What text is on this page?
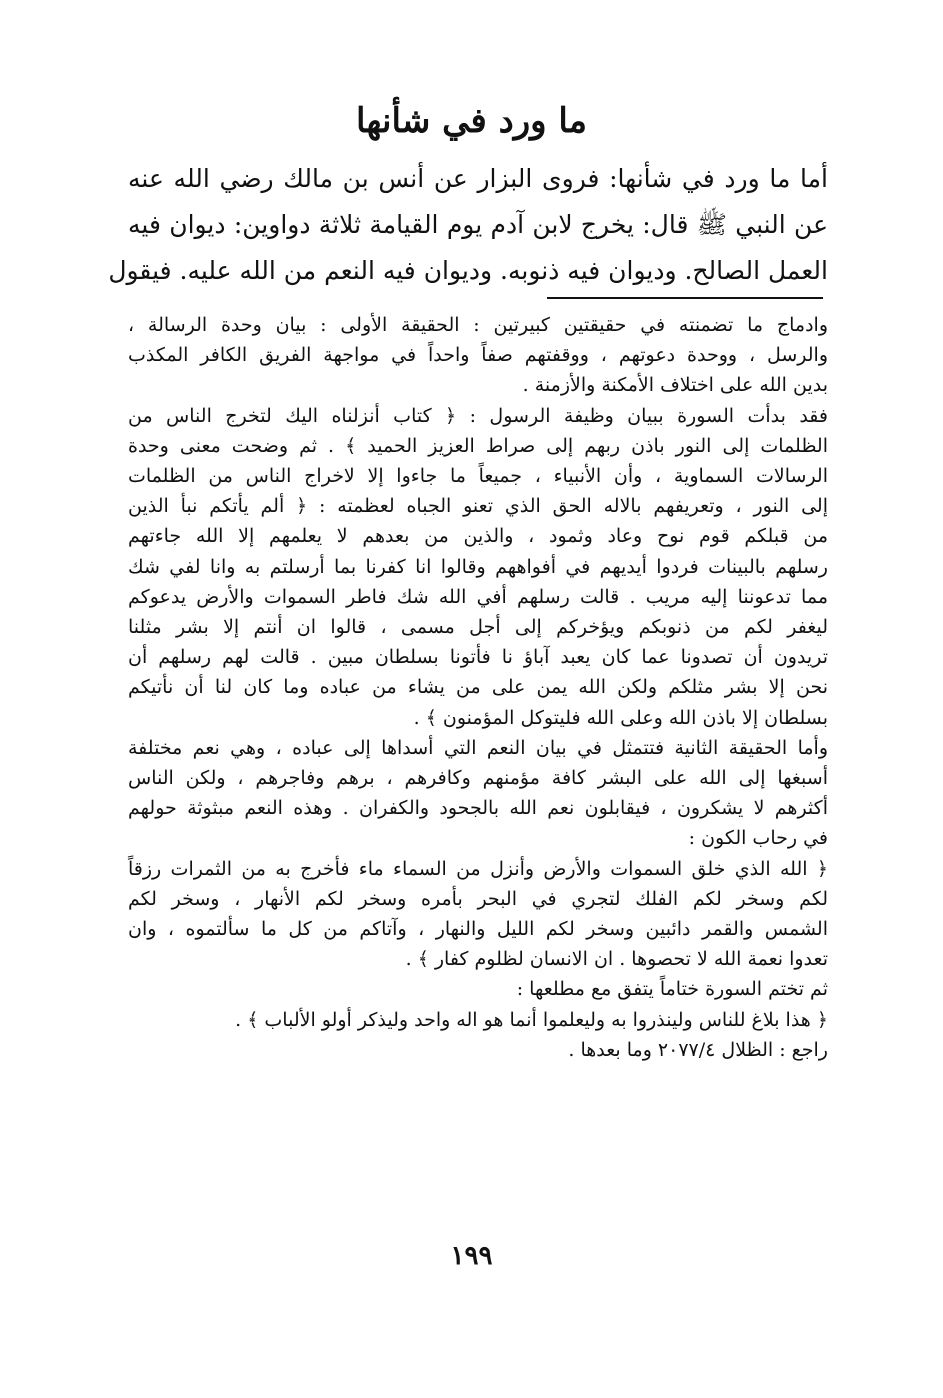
ما ورد في شأنها
أما ما ورد في شأنها: فروى البزار عن أنس بن مالك رضي الله عنه
عن النبي ﷺ قال: يخرج لابن آدم يوم القيامة ثلاثة دواوين: ديوان فيه
العمل الصالح. وديوان فيه ذنوبه. وديوان فيه النعم من الله عليه. فيقول
وادماج ما تضمنته في حقيقتين كبيرتين : الحقيقة الأولى : بيان وحدة الرسالة ،
والرسل ، ووحدة دعوتهم ، ووقفتهم صفاً واحداً في مواجهة الفريق الكافر المكذب
بدين الله على اختلاف الأمكنة والأزمنة .
فقد بدأت السورة ببيان وظيفة الرسول : ﴿ كتاب أنزلناه اليك لتخرج الناس من
الظلمات إلى النور باذن ربهم إلى صراط العزيز الحميد ﴾ . ثم وضحت معنى وحدة
الرسالات السماوية ، وأن الأنبياء ، جميعاً ما جاءوا إلا لاخراج الناس من الظلمات
إلى النور ، وتعريفهم بالاله الحق الذي تعنو الجباه لعظمته : ﴿ ألم يأتكم نبأ الذين
من قبلكم قوم نوح وعاد وثمود ، والذين من بعدهم لا يعلمهم إلا الله جاءتهم
رسلهم بالبينات فردوا أيديهم في أفواههم وقالوا انا كفرنا بما أرسلتم به وانا لفي شك
مما تدعوننا إليه مريب . قالت رسلهم أفي الله شك فاطر السموات والأرض يدعوكم
ليغفر لكم من ذنوبكم ويؤخركم إلى أجل مسمى ، قالوا ان أنتم إلا بشر مثلنا
تريدون أن تصدونا عما كان يعبد آباؤ نا فأتونا بسلطان مبين . قالت لهم رسلهم أن
نحن إلا بشر مثلكم ولكن الله يمن على من يشاء من عباده وما كان لنا أن نأتيكم
بسلطان إلا باذن الله وعلى الله فليتوكل المؤمنون ﴾ .
وأما الحقيقة الثانية فتتمثل في بيان النعم التي أسداها إلى عباده ، وهي نعم مختلفة
أسبغها إلى الله على البشر كافة مؤمنهم وكافرهم ، برهم وفاجرهم ، ولكن الناس
أكثرهم لا يشكرون ، فيقابلون نعم الله بالجحود والكفران . وهذه النعم مبثوثة حولهم
في رحاب الكون :
﴿ الله الذي خلق السموات والأرض وأنزل من السماء ماء فأخرج به من الثمرات رزقاً
لكم وسخر لكم الفلك لتجري في البحر بأمره وسخر لكم الأنهار ، وسخر لكم
الشمس والقمر دائبين وسخر لكم الليل والنهار ، وآتاكم من كل ما سألتموه ، وان
تعدوا نعمة الله لا تحصوها . ان الانسان لظلوم كفار ﴾ .
ثم تختم السورة ختاماً يتفق مع مطلعها :
﴿ هذا بلاغ للناس ولينذروا به وليعلموا أنما هو اله واحد وليذكر أولو الألباب ﴾ .
راجع : الظلال ٢٠٧٧/٤ وما بعدها .
١٩٩
